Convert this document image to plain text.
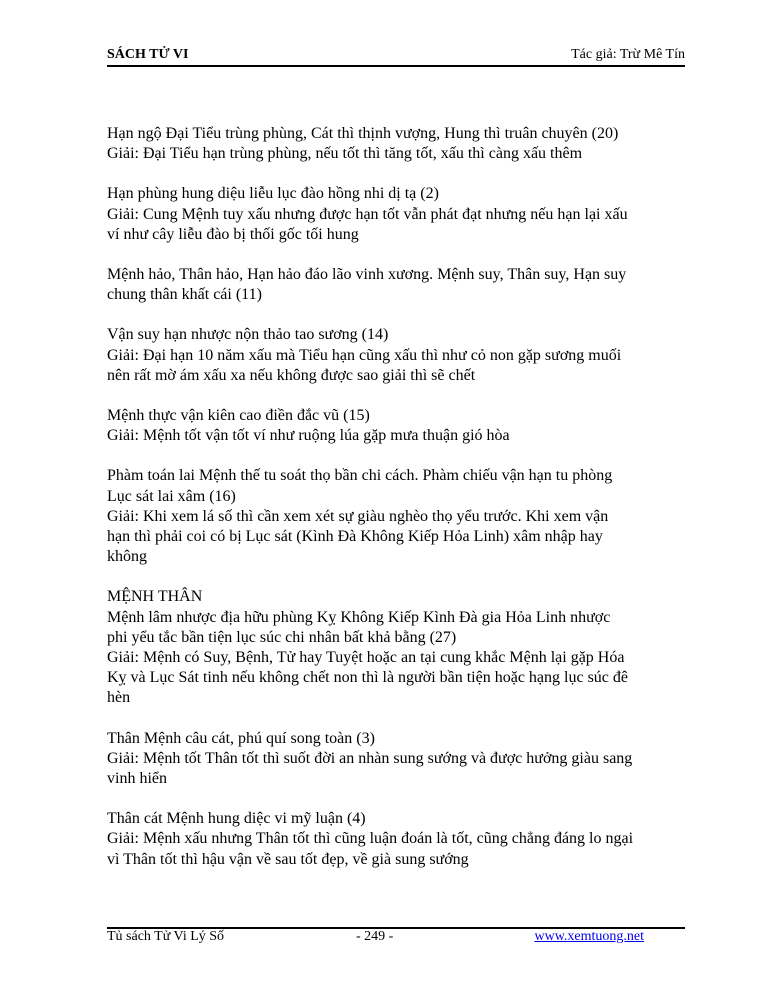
SÁCH TỬ VI	Tác giả: Trừ Mê Tín
Hạn ngộ Đại Tiểu trùng phùng, Cát thì thịnh vượng, Hung thì truân chuyên (20)
Giải: Đại Tiểu hạn trùng phùng, nếu tốt thì tăng tốt, xấu thì càng xấu thêm
Hạn phùng hung diệu liễu lục đào hồng nhi dị tạ (2)
Giải: Cung Mệnh tuy xấu nhưng được hạn tốt vẫn phát đạt nhưng nếu hạn lại xấu
ví như cây liễu đào bị thối gốc tối hung
Mệnh hảo, Thân hảo, Hạn hảo đáo lão vinh xương. Mệnh suy, Thân suy, Hạn suy
chung thân khất cái (11)
Vận suy hạn nhược nộn thảo tao sương (14)
Giải: Đại hạn 10 năm xấu mà Tiểu hạn cũng xấu thì như cỏ non gặp sương muối
nên rất mờ ám xấu xa nếu không được sao giải thì sẽ chết
Mệnh thực vận kiên cao điền đắc vũ (15)
Giải: Mệnh tốt vận tốt ví như ruộng lúa gặp mưa thuận gió hòa
Phàm toán lai Mệnh thế tu soát thọ bần chi cách. Phàm chiếu vận hạn tu phòng
Lục sát lai xâm (16)
Giải: Khi xem lá số thì cần xem xét sự giàu nghèo thọ yểu trước. Khi xem vận
hạn thì phải coi có bị Lục sát (Kình Đà Không Kiếp Hỏa Linh) xâm nhập hay
không
MỆNH THÂN
Mệnh lâm nhược địa hữu phùng Kỵ Không Kiếp Kình Đà gia Hỏa Linh nhược
phi yểu tắc bần tiện lục súc chi nhân bất khả bằng (27)
Giải: Mệnh có Suy, Bệnh, Tử hay Tuyệt hoặc an tại cung khắc Mệnh lại gặp Hóa
Kỵ và Lục Sát tinh nếu không chết non thì là người bần tiện hoặc hạng lục súc đê
hèn
Thân Mệnh câu cát, phú quí song toàn (3)
Giải: Mệnh tốt Thân tốt thì suốt đời an nhàn sung sướng và được hưởng giàu sang
vinh hiển
Thân cát Mệnh hung diệc vi mỹ luận (4)
Giải: Mệnh xấu nhưng Thân tốt thì cũng luận đoán là tốt, cũng chẳng đáng lo ngại
vì Thân tốt thì hậu vận về sau tốt đẹp, về già sung sướng
Tủ sách Tử Vi Lý Số	- 249 -	www.xemtuong.net
